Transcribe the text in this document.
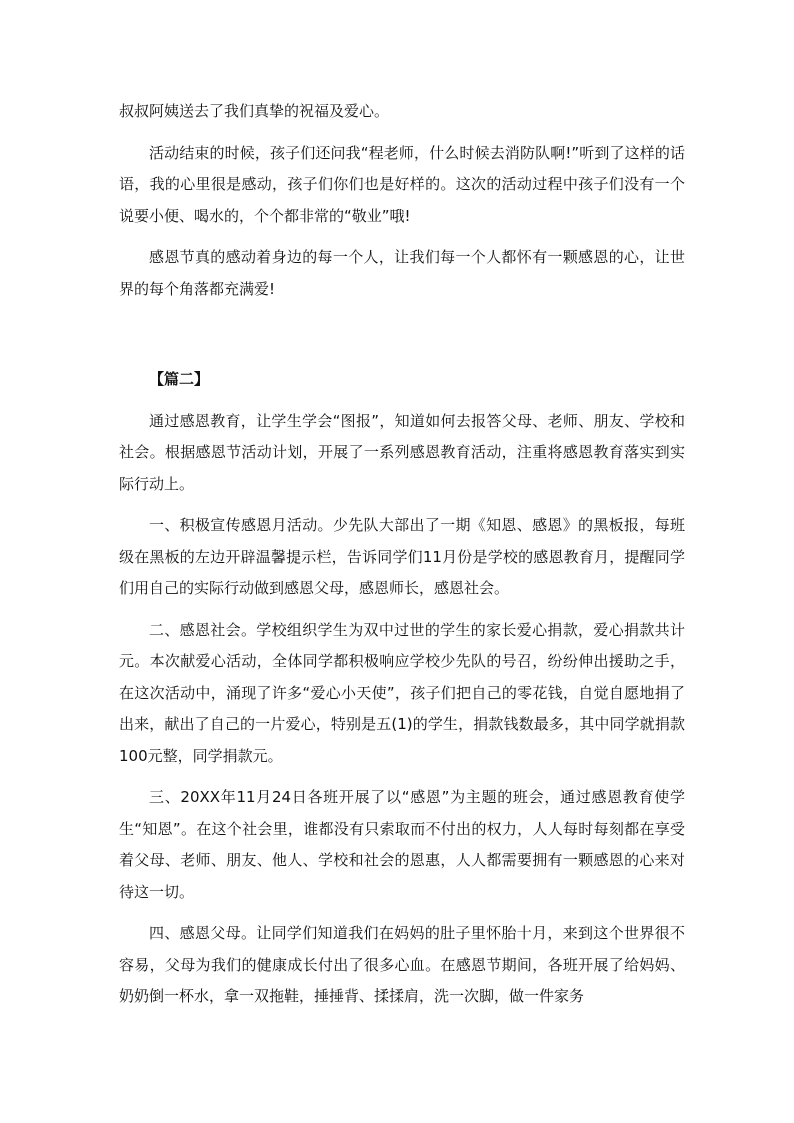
叔叔阿姨送去了我们真挚的祝福及爱心。

活动结束的时候，孩子们还问我“程老师，什么时候去消防队啊!”听到了这样的话语，我的心里很是感动，孩子们你们也是好样的。这次的活动过程中孩子们没有一个说要小便、喝水的，个个都非常的“敬业”哦!

感恩节真的感动着身边的每一个人，让我们每一个人都怀有一颗感恩的心，让世界的每个角落都充满爱!

【篇二】

通过感恩教育，让学生学会“图报”，知道如何去报答父母、老师、朋友、学校和社会。根据感恩节活动计划，开展了一系列感恩教育活动，注重将感恩教育落实到实际行动上。

一、积极宣传感恩月活动。少先队大部出了一期《知恩、感恩》的黑板报，每班级在黑板的左边开辟温馨提示栏，告诉同学们11月份是学校的感恩教育月，提醒同学们用自己的实际行动做到感恩父母，感恩师长，感恩社会。

二、感恩社会。学校组织学生为双中过世的学生的家长爱心捐款，爱心捐款共计元。本次献爱心活动，全体同学都积极响应学校少先队的号召，纷纷伸出援助之手，在这次活动中，涌现了许多“爱心小天使”，孩子们把自己的零花钱，自觉自愿地捐了出来，献出了自己的一片爱心，特别是五(1)的学生，捐款钱数最多，其中同学就捐款100元整，同学捐款元。

三、20XX年11月24日各班开展了以“感恩”为主题的班会，通过感恩教育使学生“知恩”。在这个社会里，谁都没有只索取而不付出的权力，人人每时每刻都在享受着父母、老师、朋友、他人、学校和社会的恩惠，人人都需要拥有一颗感恩的心来对待这一切。

四、感恩父母。让同学们知道我们在妈妈的肚子里怀胎十月，来到这个世界很不容易，父母为我们的健康成长付出了很多心血。在感恩节期间，各班开展了给妈妈、奶奶倒一杯水，拿一双拖鞋，捶捶背、揉揉肩，洗一次脚，做一件家务
